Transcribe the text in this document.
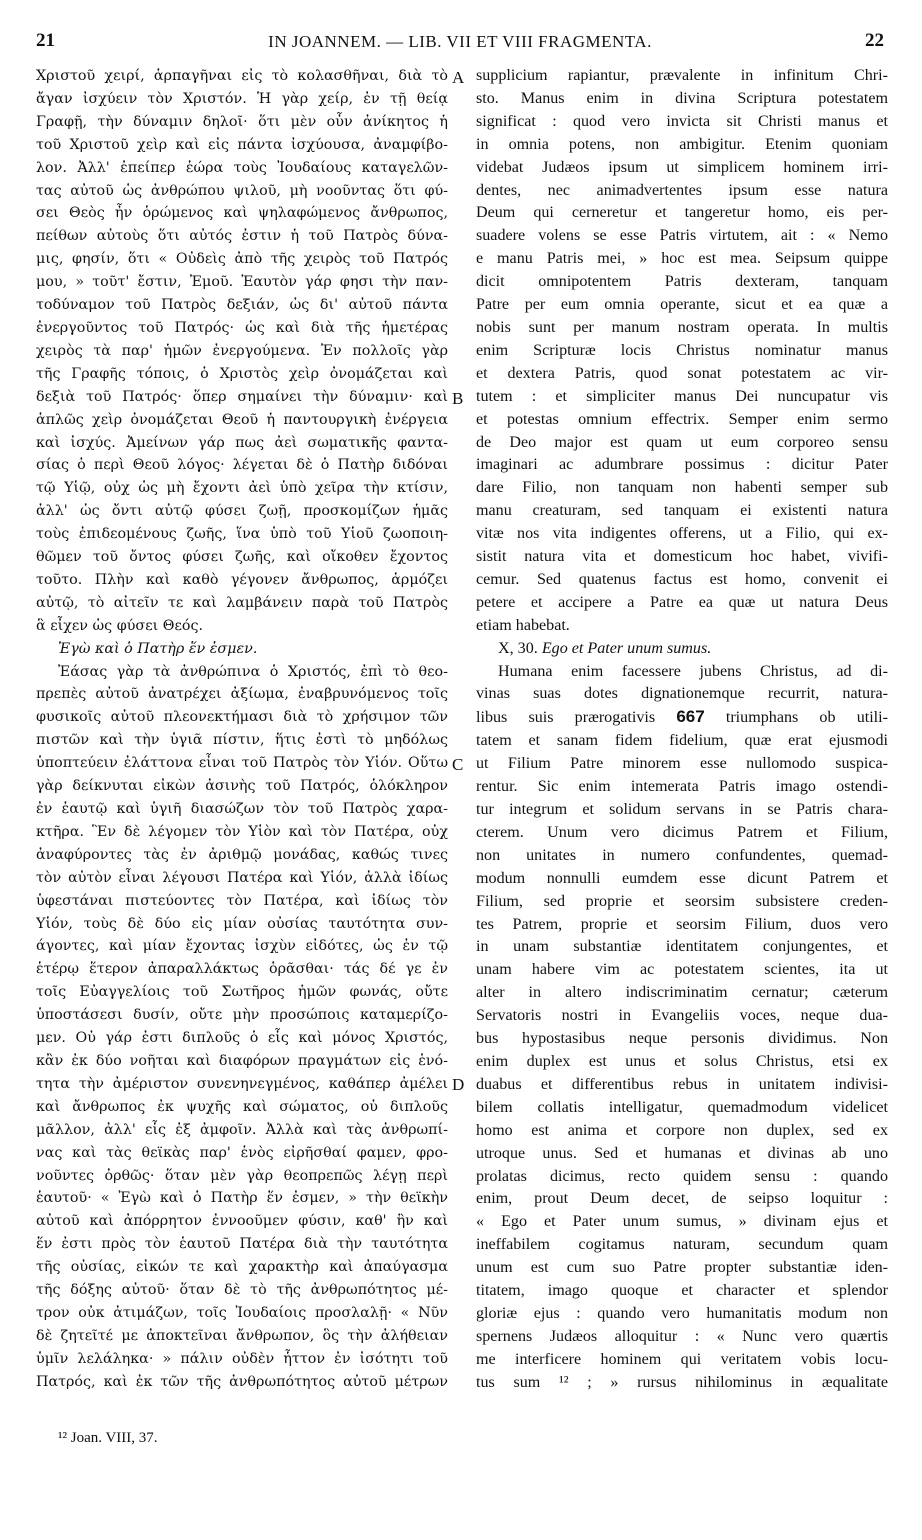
21	IN JOANNEM. — LIB. VII ET VIII FRAGMENTA.	22
Χριστοῦ χειρί, ἁρπαγῆναι εἰς τὸ κολασθῆναι, διὰ τὸ
ἄγαν ἰσχύειν τὸν Χριστόν. Ἡ γὰρ χείρ, ἐν τῇ θείᾳ
Γραφῇ, τὴν δύναμιν δηλοῖ· ὅτι μὲν οὖν ἀνίκητος ἡ
τοῦ Χριστοῦ χεὶρ καὶ εἰς πάντα ἰσχύουσα, ἀναμφίβο-
λον. Ἀλλ' ἐπείπερ ἑώρα τοὺς Ἰουδαίους καταγελῶν-
τας αὐτοῦ ὡς ἀνθρώπου ψιλοῦ, μὴ νοοῦντας ὅτι φύ-
σει Θεὸς ἦν ὁρώμενος καὶ ψηλαφώμενος ἄνθρωπος,
πείθων αὐτοὺς ὅτι αὐτός ἐστιν ἡ τοῦ Πατρὸς δύνα-
μις, φησίν, ὅτι « Οὐδεὶς ἀπὸ τῆς χειρὸς τοῦ Πατρός
μου, » τοῦτ' ἔστιν, Ἐμοῦ. Ἑαυτὸν γάρ φησι τὴν παν-
τοδύναμον τοῦ Πατρὸς δεξιάν, ὡς δι' αὐτοῦ πάντα
ἐνεργοῦντος τοῦ Πατρός· ὡς καὶ διὰ τῆς ἡμετέρας
χειρὸς τὰ παρ' ἡμῶν ἐνεργούμενα. Ἐν πολλοῖς γὰρ
τῆς Γραφῆς τόποις, ὁ Χριστὸς χεὶρ ὀνομάζεται καὶ
δεξιὰ τοῦ Πατρός· ὅπερ σημαίνει τὴν δύναμιν· καὶ
ἁπλῶς χεὶρ ὀνομάζεται Θεοῦ ἡ παντουργικὴ ἐνέργεια
καὶ ἰσχύς. Ἀμείνων γάρ πως ἀεὶ σωματικῆς φαντα-
σίας ὁ περὶ Θεοῦ λόγος· λέγεται δὲ ὁ Πατὴρ διδόναι
τῷ Υἱῷ, οὐχ ὡς μὴ ἔχοντι ἀεὶ ὑπὸ χεῖρα τὴν κτίσιν,
ἀλλ' ὡς ὄντι αὐτῷ φύσει ζωῇ, προσκομίζων ἡμᾶς
τοὺς ἐπιδεομένους ζωῆς, ἵνα ὑπὸ τοῦ Υἱοῦ ζωοποιη-
θῶμεν τοῦ ὄντος φύσει ζωῆς, καὶ οἴκοθεν ἔχοντος
τοῦτο. Πλὴν καὶ καθὸ γέγονεν ἄνθρωπος, ἁρμόζει
αὐτῷ, τὸ αἰτεῖν τε καὶ λαμβάνειν παρὰ τοῦ Πατρὸς
ἃ εἶχεν ὡς φύσει Θεός.
Ἐγὼ καὶ ὁ Πατὴρ ἕν ἐσμεν.
Ἐάσας γὰρ τὰ ἀνθρώπινα ὁ Χριστός, ἐπὶ τὸ θεο-
πρεπὲς αὐτοῦ ἀνατρέχει ἀξίωμα, ἐναβρυνόμενος τοῖς
φυσικοῖς αὐτοῦ πλεονεκτήμασι διὰ τὸ χρήσιμον τῶν
πιστῶν καὶ τὴν ὑγιᾶ πίστιν, ἥτις ἐστὶ τὸ μηδόλως
ὑποπτεύειν ἐλάττονα εἶναι τοῦ Πατρὸς τὸν Υἱόν. Οὕτω
γὰρ δείκνυται εἰκὼν ἀσινὴς τοῦ Πατρός, ὁλόκληρον
ἐν ἑαυτῷ καὶ ὑγιῆ διασώζων τὸν τοῦ Πατρὸς χαρα-
κτῆρα. Ἓν δὲ λέγομεν τὸν Υἱὸν καὶ τὸν Πατέρα, οὐχ
ἀναφύροντες τὰς ἐν ἀριθμῷ μονάδας, καθώς τινες
τὸν αὐτὸν εἶναι λέγουσι Πατέρα καὶ Υἱόν, ἀλλὰ ἰδίως
ὑφεστάναι πιστεύοντες τὸν Πατέρα, καὶ ἰδίως τὸν
Υἱόν, τοὺς δὲ δύο εἰς μίαν οὐσίας ταυτότητα συν-
άγοντες, καὶ μίαν ἔχοντας ἰσχὺν εἰδότες, ὡς ἐν τῷ
ἑτέρῳ ἕτερον ἀπαραλλάκτως ὁρᾶσθαι· τάς δέ γε ἐν
τοῖς Εὐαγγελίοις τοῦ Σωτῆρος ἡμῶν φωνάς, οὔτε
ὑποστάσεσι δυσίν, οὔτε μὴν προσώποις καταμερίζο-
μεν. Οὐ γάρ ἐστι διπλοῦς ὁ εἷς καὶ μόνος Χριστός,
κἂν ἐκ δύο νοῆται καὶ διαφόρων πραγμάτων εἰς ἑνό-
τητα τὴν ἀμέριστον συνενηνεγμένος, καθάπερ ἀμέλει
καὶ ἄνθρωπος ἐκ ψυχῆς καὶ σώματος, οὐ διπλοῦς
μᾶλλον, ἀλλ' εἷς ἐξ ἀμφοῖν. Ἀλλὰ καὶ τὰς ἀνθρωπί-
νας καὶ τὰς θεϊκὰς παρ' ἑνὸς εἰρῆσθαί φαμεν, φρο-
νοῦντες ὀρθῶς· ὅταν μὲν γὰρ θεοπρεπῶς λέγῃ περὶ
ἑαυτοῦ· « Ἐγὼ καὶ ὁ Πατὴρ ἕν ἐσμεν, » τὴν θεϊκὴν
αὐτοῦ καὶ ἀπόρρητον ἐννοοῦμεν φύσιν, καθ' ἣν καὶ
ἕν ἐστι πρὸς τὸν ἑαυτοῦ Πατέρα διὰ τὴν ταυτότητα
τῆς οὐσίας, εἰκών τε καὶ χαρακτὴρ καὶ ἀπαύγασμα
τῆς δόξης αὐτοῦ· ὅταν δὲ τὸ τῆς ἀνθρωπότητος μέ-
τρον οὐκ ἀτιμάζων, τοῖς Ἰουδαίοις προσλαλῇ· « Νῦν
δὲ ζητεῖτέ με ἀποκτεῖναι ἄνθρωπον, ὃς τὴν ἀλήθειαν
ὑμῖν λελάληκα· » πάλιν οὐδὲν ἧττον ἐν ἰσότητι τοῦ
Πατρός, καὶ ἐκ τῶν τῆς ἀνθρωπότητος αὐτοῦ μέτρων
supplicium rapiantur, prævalente in infinitum Chri-
sto. Manus enim in divina Scriptura potestatem
significat : quod vero invicta sit Christi manus et
in omnia potens, non ambigitur. Etenim quoniam
videbat Judæos ipsum ut simplicem hominem irri-
dentes, nec animadvertentes ipsum esse natura
Deum qui cerneretur et tangeretur homo, eis per-
suadere volens se esse Patris virtutem, ait : « Nemo
e manu Patris mei, » hoc est mea. Seipsum quippe
dicit omnipotentem Patris dexteram, tanquam
Patre per eum omnia operante, sicut et ea quæ a
nobis sunt per manum nostram operata. In multis
enim Scripturæ locis Christus nominatur manus
et dextera Patris, quod sonat potestatem ac vir-
tutem : et simpliciter manus Dei nuncupatur vis
et potestas omnium effectrix. Semper enim sermo
de Deo major est quam ut eum corporeo sensu
imaginari ac adumbrare possimus : dicitur Pater
dare Filio, non tanquam non habenti semper sub
manu creaturam, sed tanquam ei existenti natura
vitæ nos vita indigentes offerens, ut a Filio, qui ex-
sistit natura vita et domesticum hoc habet, vivifi-
cemur. Sed quatenus factus est homo, convenit ei
petere et accipere a Patre ea quæ ut natura Deus
etiam habebat.
X, 30. Ego et Pater unum sumus.
Humana enim facessere jubens Christus, ad di-
vinas suas dotes dignationemque recurrit, natura-
libus suis prærogativis 667 triumphans ob utili-
tatem et sanam fidem fidelium, quæ erat ejusmodi
ut Filium Patre minorem esse nullomodo suspica-
rentur. Sic enim intemerata Patris imago ostendi-
tur integrum et solidum servans in se Patris chara-
cterem. Unum vero dicimus Patrem et Filium,
non unitates in numero confundentes, quemad-
modum nonnulli eumdem esse dicunt Patrem et
Filium, sed proprie et seorsim subsistere creden-
tes Patrem, proprie et seorsim Filium, duos vero
in unam substantiæ identitatem conjungentes, et
unam habere vim ac potestatem scientes, ita ut
alter in altero indiscriminatim cernatur; cæterum
Servatoris nostri in Evangeliis voces, neque dua-
bus hypostasibus neque personis dividimus. Non
enim duplex est unus et solus Christus, etsi ex
duabus et differentibus rebus in unitatem indivisi-
bilem collatis intelligatur, quemadmodum videlicet
homo est anima et corpore non duplex, sed ex
utroque unus. Sed et humanas et divinas ab uno
prolatas dicimus, recto quidem sensu : quando
enim, prout Deum decet, de seipso loquitur :
« Ego et Pater unum sumus, » divinam ejus et
ineffabilem cogitamus naturam, secundum quam
unum est cum suo Patre propter substantiæ iden-
titatem, imago quoque et character et splendor
gloriæ ejus : quando vero humanitatis modum non
spernens Judæos alloquitur : « Nunc vero quærtis
me interficere hominem qui veritatem vobis locu-
tus sum ¹² ; » rursus nihilominus in æqualitate
A
B
C
D
¹² Joan. VIII, 37.
